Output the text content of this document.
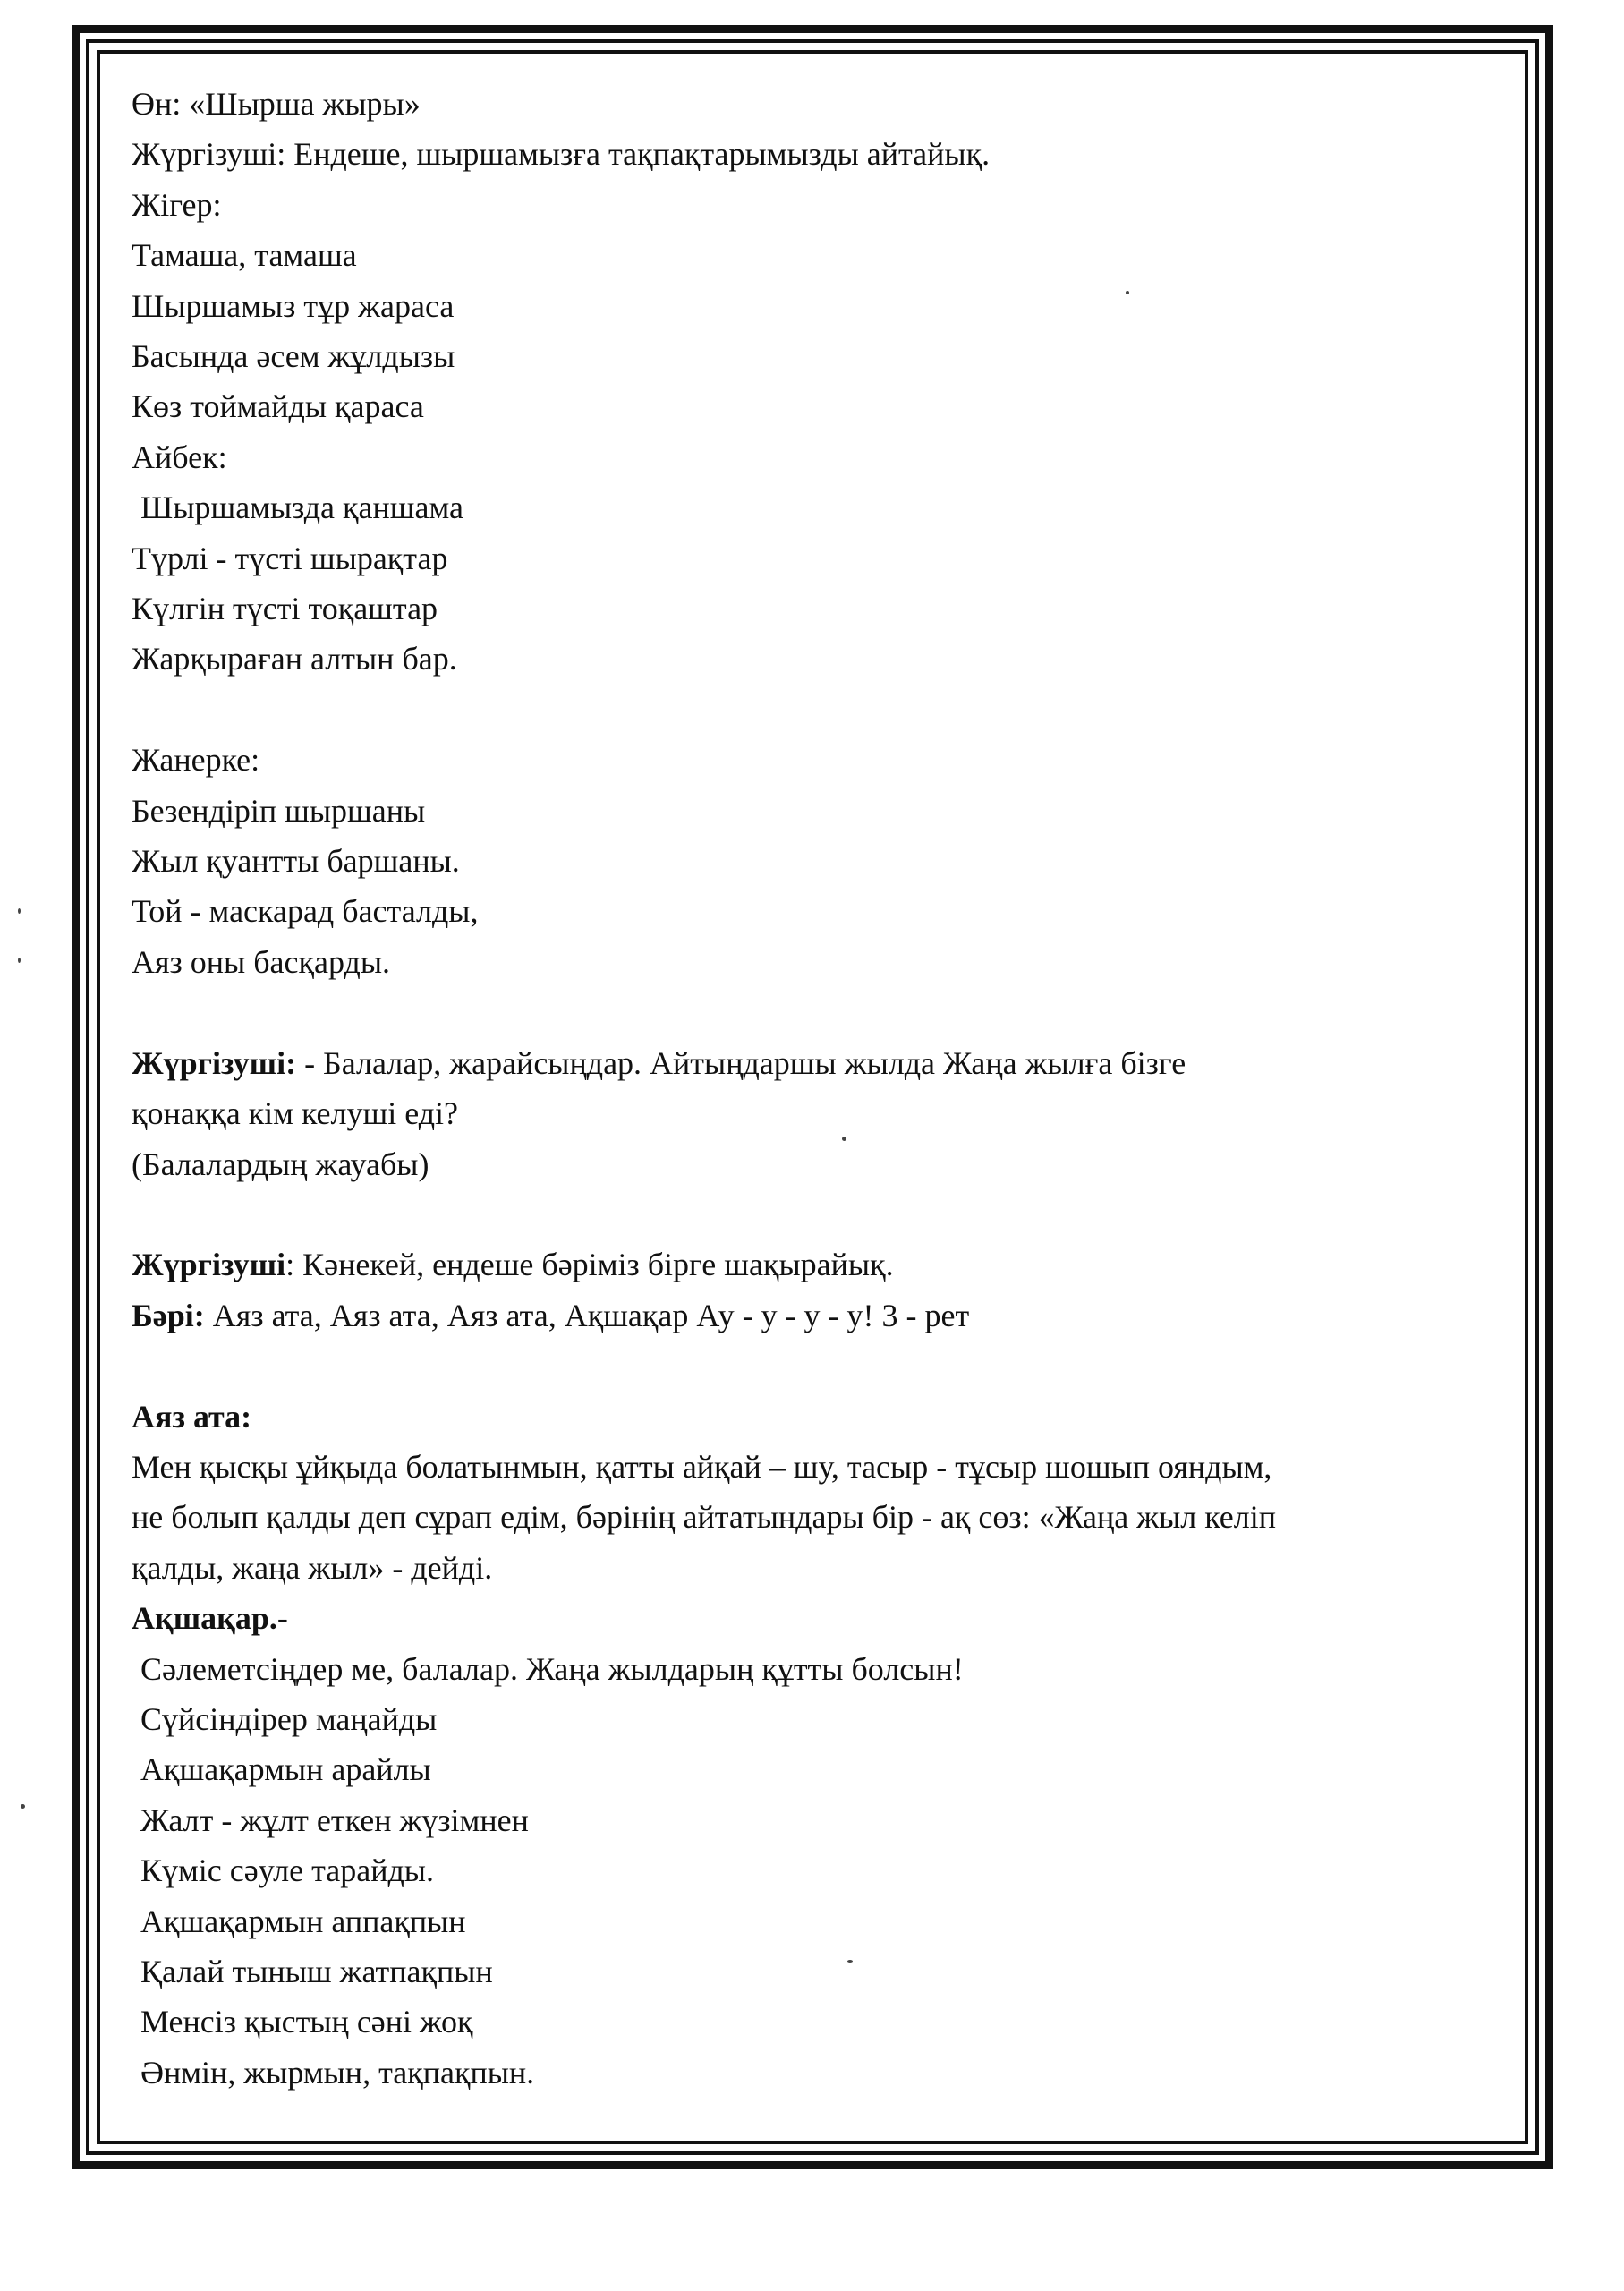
Өн: «Шырша жыры»
Жүргізуші: Ендеше, шыршамызға тақпақтарымызды айтайық.
Жігер:
Тамаша, тамаша
Шыршамыз тұр жараса
Басында әсем жұлдызы
Көз тоймайды қараса
Айбек:
Шыршамызда қаншама
Түрлі - түсті шырақтар
Күлгін түсті тоқаштар
Жарқыраған алтын бар.
Жанерке:
Безендіріп шыршаны
Жыл қуантты баршаны.
Той - маскарад басталды,
Аяз оны басқарды.
Жүргізуші: - Балалар, жарайсыңдар. Айтыңдаршы жылда Жаңа жылға бізге
қонаққа кім келуші еді?
(Балалардың жауабы)
Жүргізуші: Кәнекей, ендеше бәріміз бірге шақырайық.
Бәрі: Аяз ата, Аяз ата, Аяз ата, Ақшақар Ау - у - у - у! 3 - рет
Аяз ата:
Мен қысқы ұйқыда болатынмын, қатты айқай – шу, тасыр - тұсыр шошып ояндым,
не болып қалды деп сұрап едім, бәрінің айтатындары бір - ақ сөз: «Жаңа жыл келіп
қалды, жаңа жыл» - дейді.
Ақшақар.-
Сәлеметсіңдер ме, балалар. Жаңа жылдарың құтты болсын!
Сүйсіндірер маңайды
Ақшақармын арайлы
Жалт - жұлт еткен жүзімнен
Күміс сәуле тарайды.
Ақшақармын аппақпын
Қалай тыныш жатпақпын
Менсіз қыстың сәні жоқ
Әнмін, жырмын, тақпақпын.
